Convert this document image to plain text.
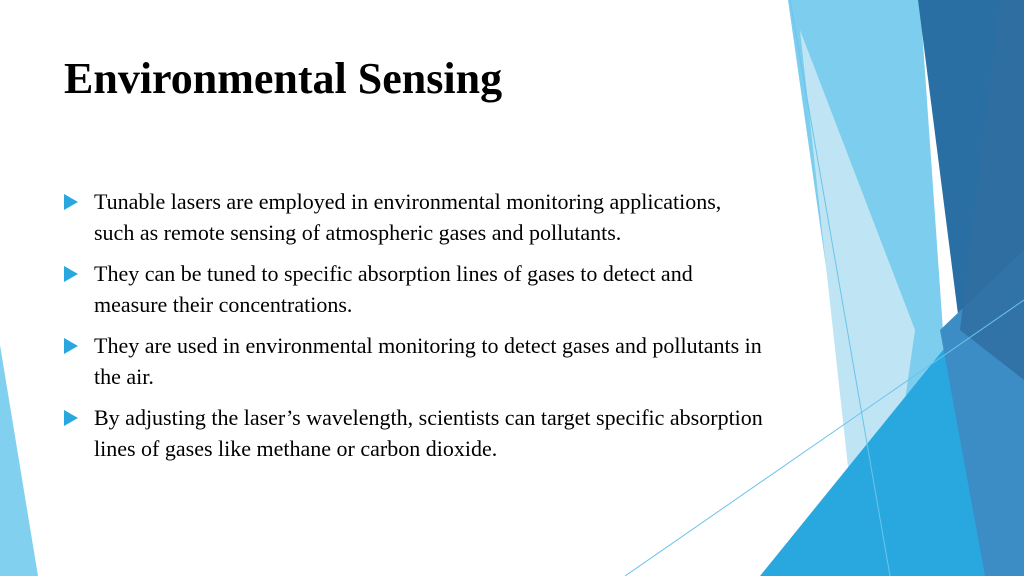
Environmental Sensing
Tunable lasers are employed in environmental monitoring applications, such as remote sensing of atmospheric gases and pollutants.
They can be tuned to specific absorption lines of gases to detect and measure their concentrations.
They are used in environmental monitoring to detect gases and pollutants in the air.
By adjusting the laser’s wavelength, scientists can target specific absorption lines of gases like methane or carbon dioxide.
